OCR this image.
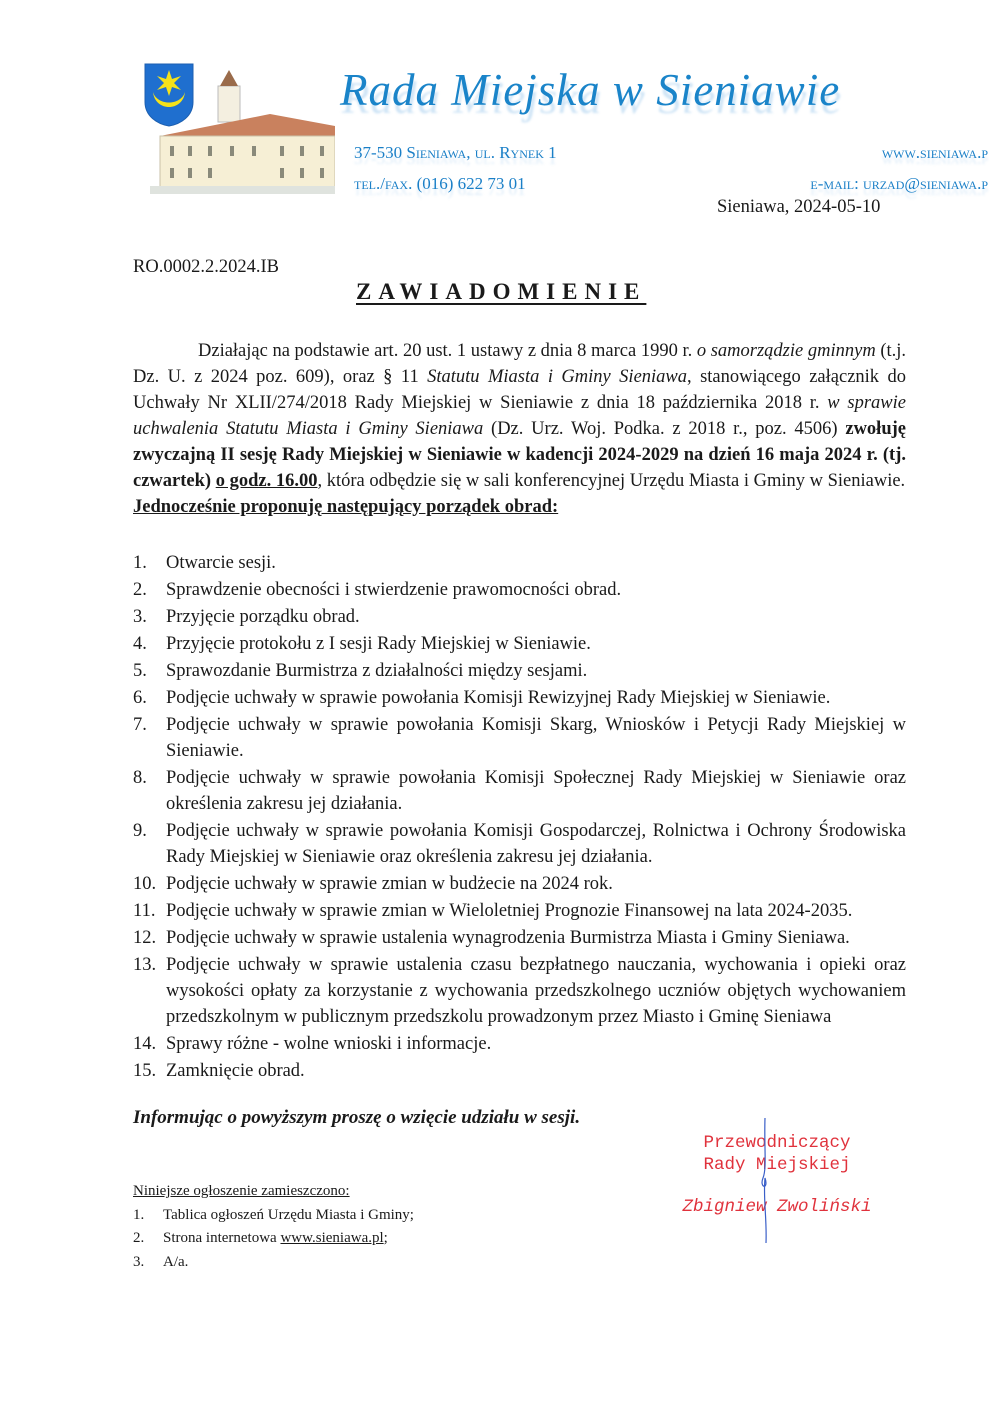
Rada Miejska w Sieniawie
37-530 Sieniawa, ul. Rynek 1
tel./fax. (016) 622 73 01
www.sieniawa.p
e-mail: urzad@sieniawa.p
Sieniawa, 2024-05-10
RO.0002.2.2024.IB
ZAWIADOMIENIE

Działając na podstawie art. 20 ust. 1 ustawy z dnia 8 marca 1990 r. o samorządzie gminnym (t.j. Dz. U. z 2024 poz. 609), oraz § 11 Statutu Miasta i Gminy Sieniawa, stanowiącego załącznik do Uchwały Nr XLII/274/2018 Rady Miejskiej w Sieniawie z dnia 18 października 2018 r. w sprawie uchwalenia Statutu Miasta i Gminy Sieniawa (Dz. Urz. Woj. Podka. z 2018 r., poz. 4506) zwołuję zwyczajną II sesję Rady Miejskiej w Sieniawie w kadencji 2024-2029 na dzień 16 maja 2024 r. (tj. czwartek) o godz. 16.00, która odbędzie się w sali konferencyjnej Urzędu Miasta i Gminy w Sieniawie.

Jednocześnie proponuję następujący porządek obrad:

1.	Otwarcie sesji.
2.	Sprawdzenie obecności i stwierdzenie prawomocności obrad.
3.	Przyjęcie porządku obrad.
4.	Przyjęcie protokołu z I sesji Rady Miejskiej w Sieniawie.
5.	Sprawozdanie Burmistrza z działalności między sesjami.
6.	Podjęcie uchwały w sprawie powołania Komisji Rewizyjnej Rady Miejskiej w Sieniawie.
7.	Podjęcie uchwały w sprawie powołania Komisji Skarg, Wniosków i Petycji Rady Miejskiej w Sieniawie.
8.	Podjęcie uchwały w sprawie powołania Komisji Społecznej Rady Miejskiej w Sieniawie oraz określenia zakresu jej działania.
9.	Podjęcie uchwały w sprawie powołania Komisji Gospodarczej, Rolnictwa i Ochrony Środowiska Rady Miejskiej w Sieniawie oraz określenia zakresu jej działania.
10. Podjęcie uchwały w sprawie zmian w budżecie na 2024 rok.
11. Podjęcie uchwały w sprawie zmian w Wieloletniej Prognozie Finansowej na lata 2024-2035.
12. Podjęcie uchwały w sprawie ustalenia wynagrodzenia Burmistrza Miasta i Gminy Sieniawa.
13. Podjęcie uchwały w sprawie ustalenia czasu bezpłatnego nauczania, wychowania i opieki oraz wysokości opłaty za korzystanie z wychowania przedszkolnego uczniów objętych wychowaniem przedszkolnym w publicznym przedszkolu prowadzonym przez Miasto i Gminę Sieniawa
14. Sprawy różne - wolne wnioski i informacje.
15. Zamknięcie obrad.
Informując o powyższym proszę o wzięcie udziału w sesji.
Przewodniczący
Rady Miejskiej
Zbigniew Zwoliński
Niniejsze ogłoszenie zamieszczono:
1.	Tablica ogłoszeń Urzędu Miasta i Gminy;
2.	Strona internetowa
www.sieniawa.pl ;
3.	A/a.
